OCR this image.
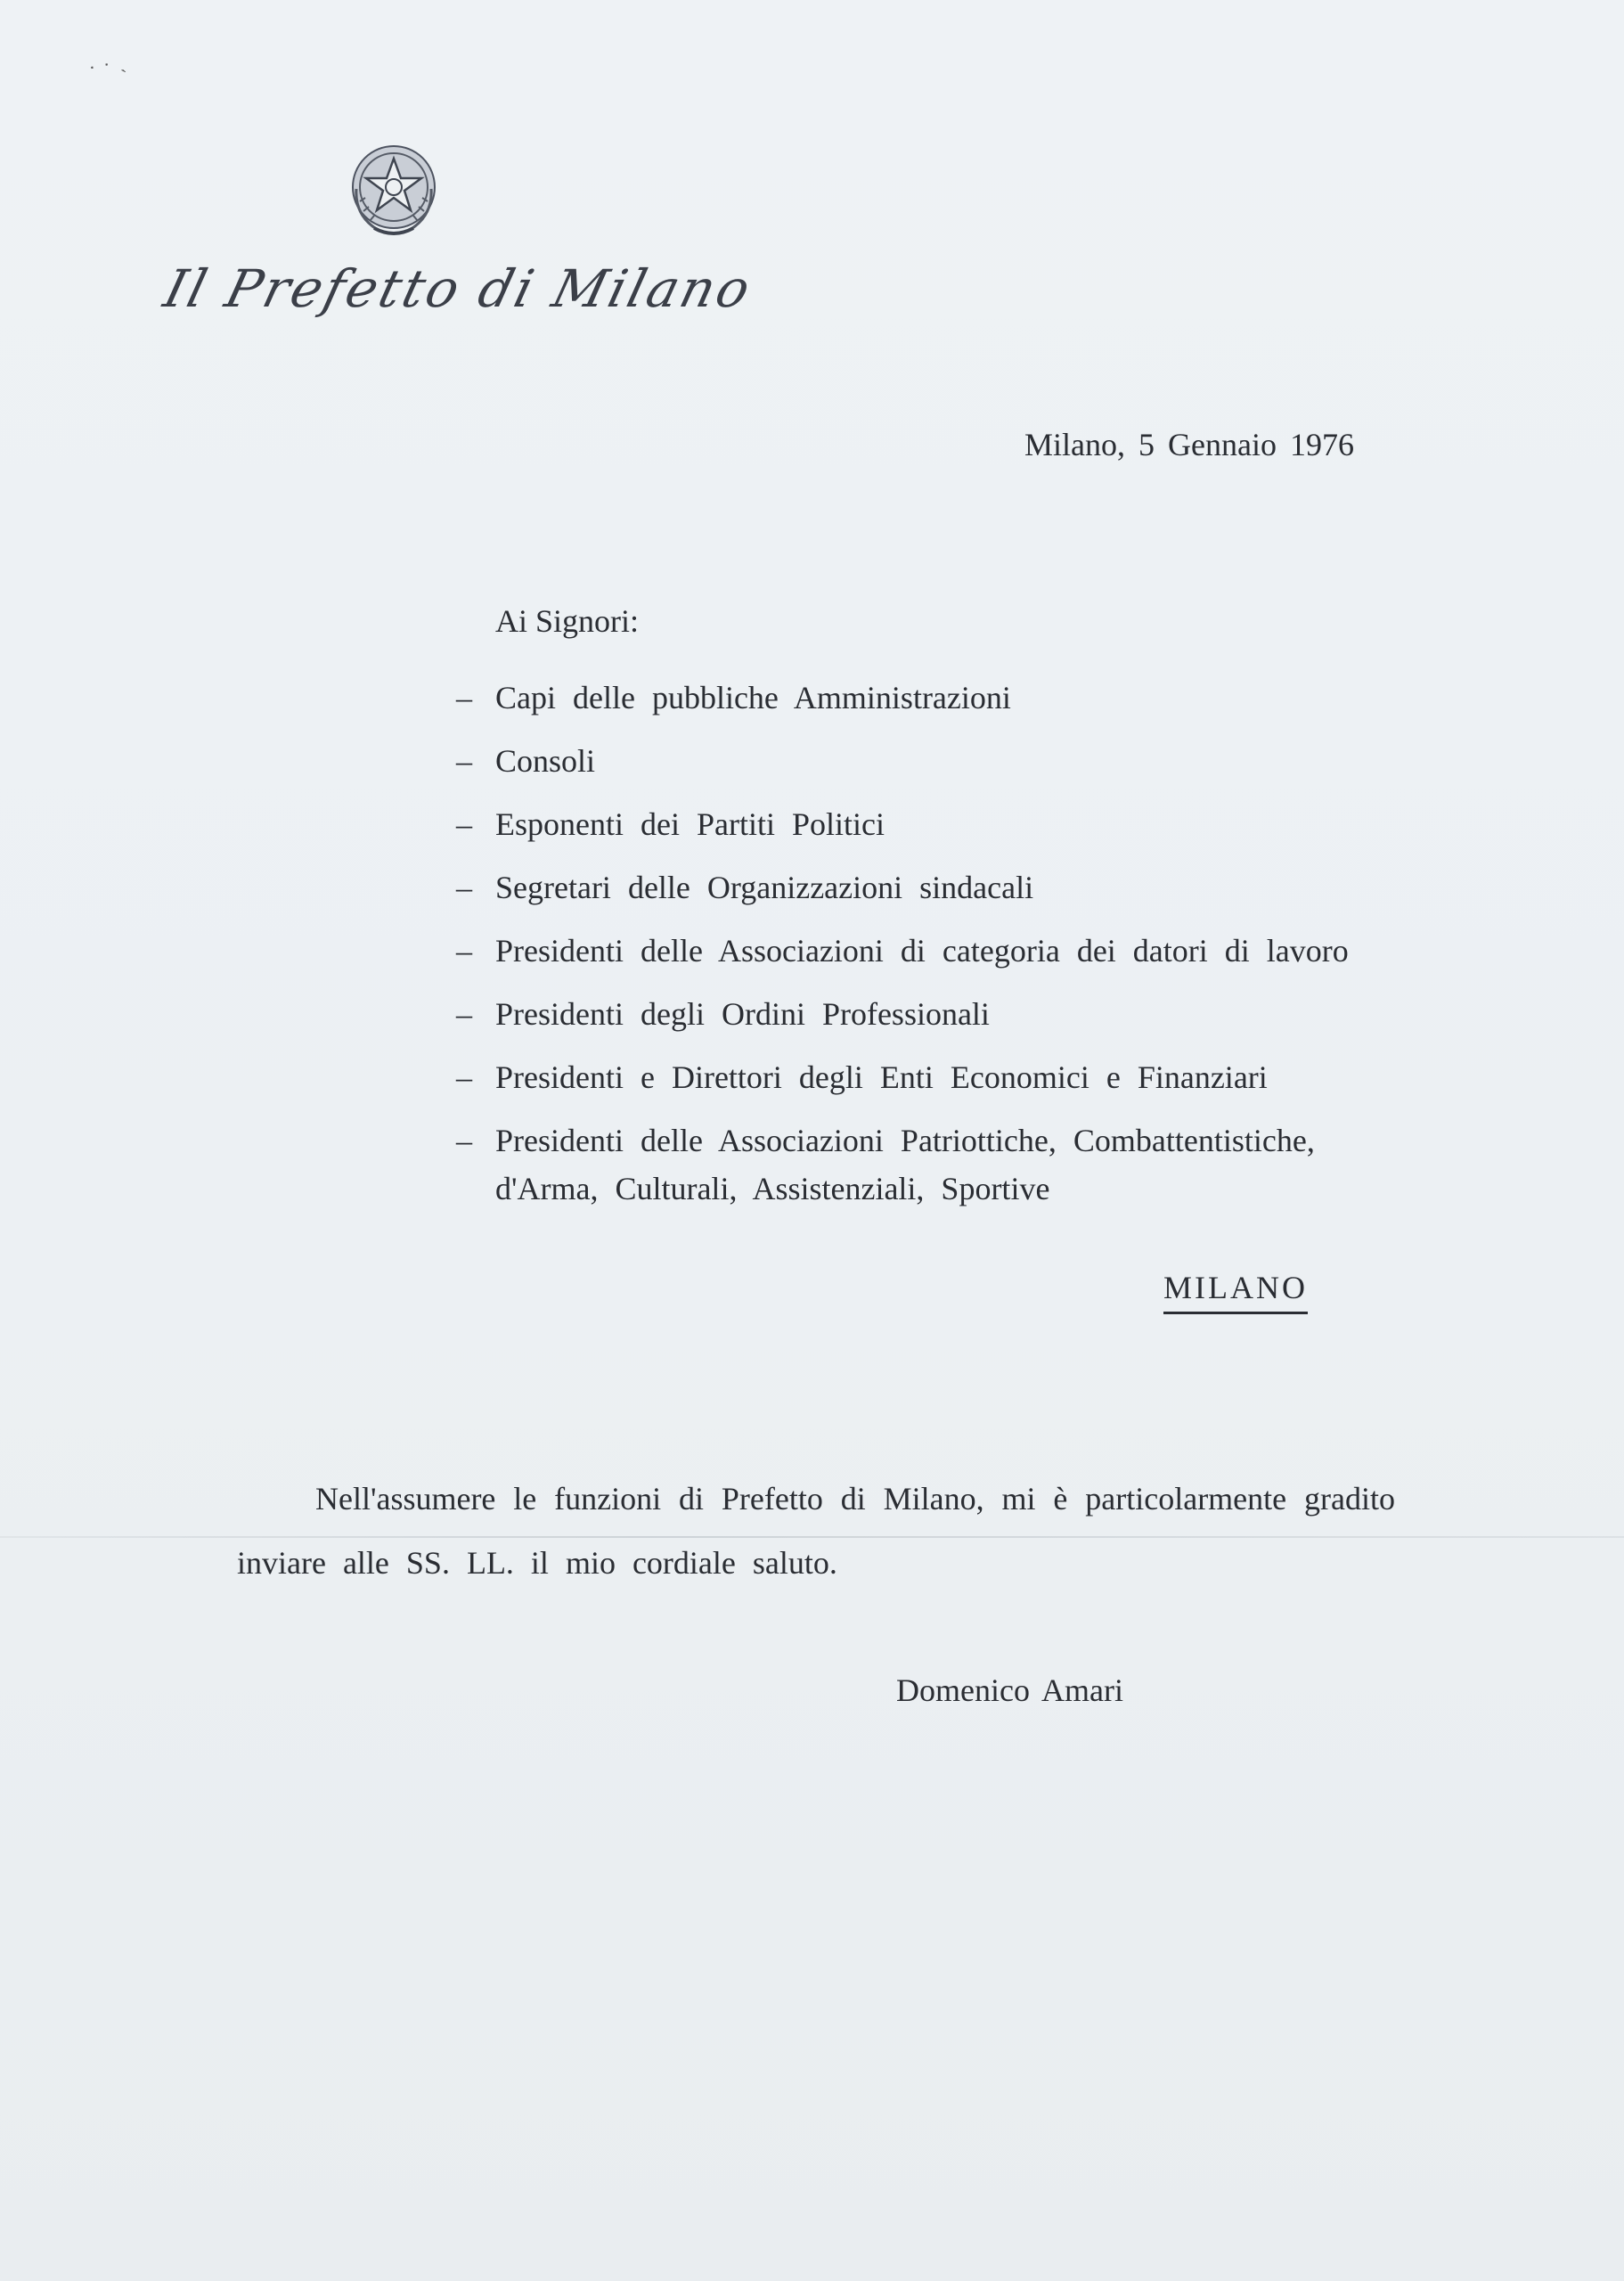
ᐧ ᐧ ˎ
Il Prefetto di Milano
Milano, 5 Gennaio 1976
Ai Signori:
– Capi delle pubbliche Amministrazioni
– Consoli
– Esponenti dei Partiti Politici
– Segretari delle Organizzazioni sindacali
– Presidenti delle Associazioni di categoria dei datori di lavoro
– Presidenti degli Ordini Professionali
– Presidenti e Direttori degli Enti Economici e Finanziari
– Presidenti delle Associazioni Patriottiche, Combattentistiche, d'Arma, Culturali, Assistenziali, Sportive
MILANO

Nell'assumere le funzioni di Prefetto di Milano, mi è particolarmente gradito inviare alle SS. LL. il mio cordiale saluto.

Domenico Amari
